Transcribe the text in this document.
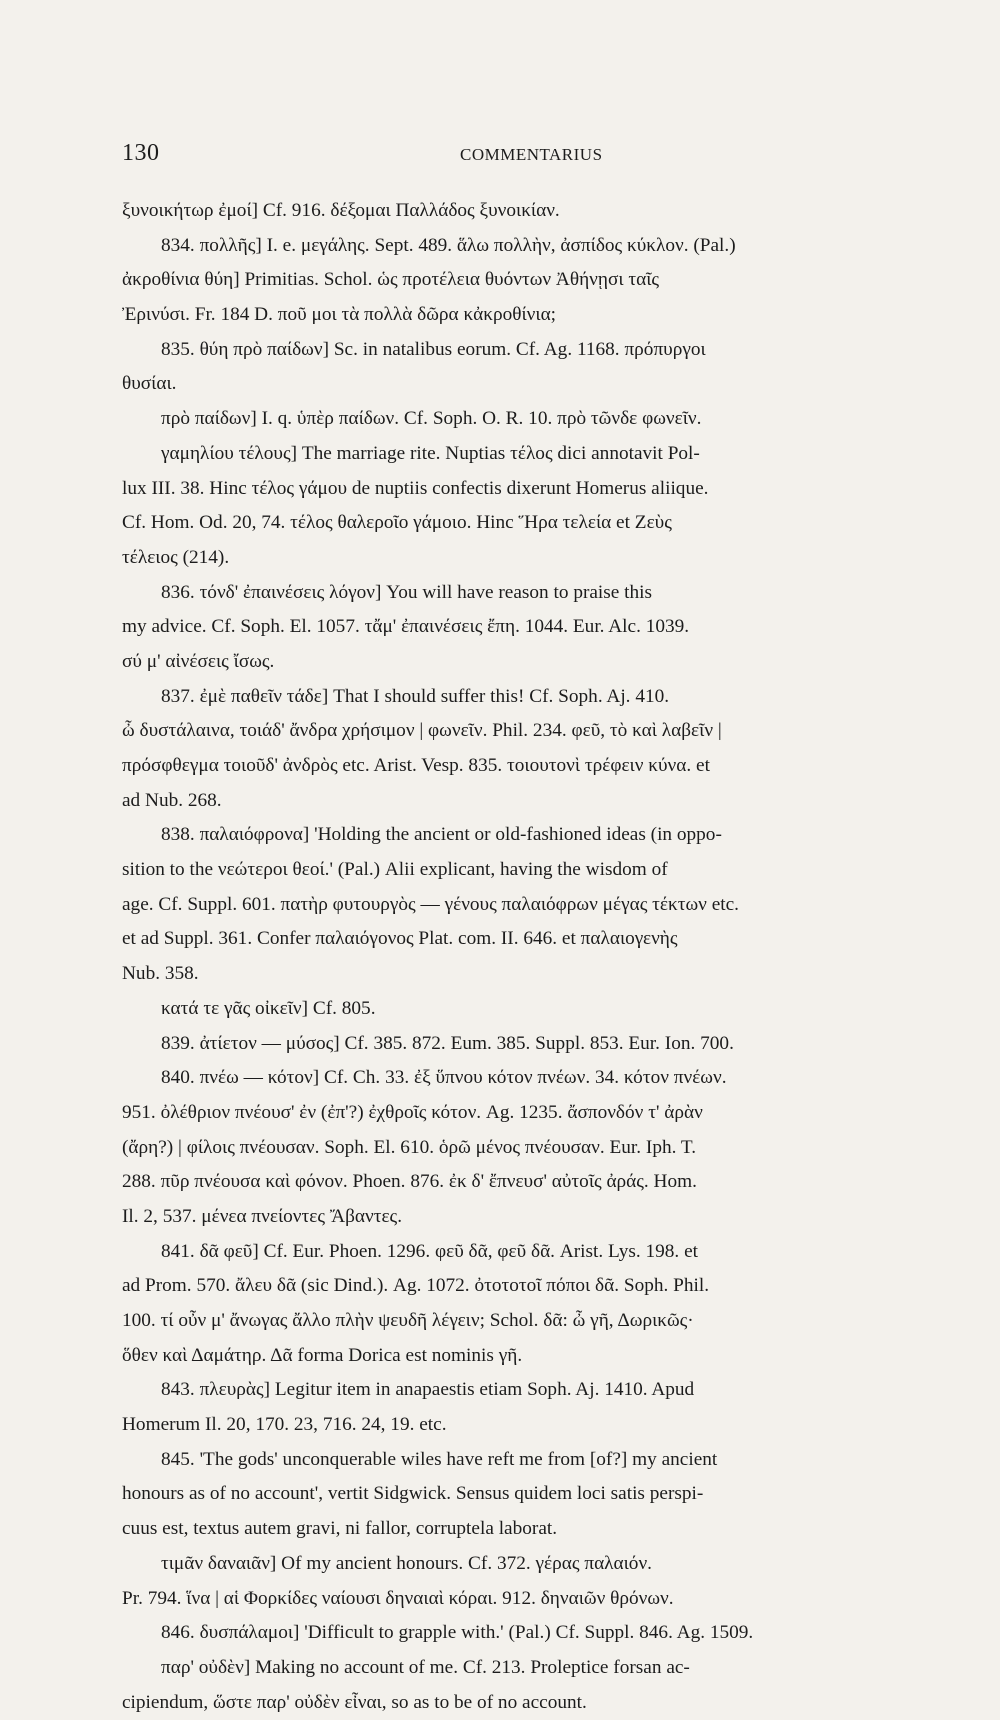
130	COMMENTARIUS
ξυνοικήτωρ ἐμοί] Cf. 916. δέξομαι Παλλάδος ξυνοικίαν.
834. πολλῆς] I. e. μεγάλης. Sept. 489. ἅλω πολλὴν, ἀσπίδος κύκλον. (Pal.)
ἀκροθίνια θύη] Primitias. Schol. ὡς προτέλεια θυόντων Ἀθήνῃσι ταῖς
Ἐρινύσι. Fr. 184 D. ποῦ μοι τὰ πολλὰ δῶρα κἀκροθίνια;
835. θύη πρὸ παίδων] Sc. in natalibus eorum. Cf. Ag. 1168. πρόπυργοι
θυσίαι.
πρὸ παίδων] I. q. ὑπὲρ παίδων. Cf. Soph. O. R. 10. πρὸ τῶνδε φωνεῖν.
γαμηλίου τέλους] The marriage rite. Nuptias τέλος dici annotavit Pol-
lux III. 38. Hinc τέλος γάμου de nuptiis confectis dixerunt Homerus aliique.
Cf. Hom. Od. 20, 74. τέλος θαλεροῖο γάμοιο. Hinc Ἥρα τελεία et Ζεὺς
τέλειος (214).
836. τόνδ' ἐπαινέσεις λόγον] You will have reason to praise this
my advice. Cf. Soph. El. 1057. τἄμ' ἐπαινέσεις ἔπη. 1044. Eur. Alc. 1039.
σύ μ' αἰνέσεις ἴσως.
837. ἐμὲ παθεῖν τάδε] That I should suffer this! Cf. Soph. Aj. 410.
ὦ δυστάλαινα, τοιάδ' ἄνδρα χρήσιμον | φωνεῖν. Phil. 234. φεῦ, τὸ καὶ λαβεῖν |
πρόσφθεγμα τοιοῦδ' ἀνδρὸς etc. Arist. Vesp. 835. τοιουτονὶ τρέφειν κύνα. et
ad Nub. 268.
838. παλαιόφρονα] 'Holding the ancient or old-fashioned ideas (in oppo-
sition to the νεώτεροι θεοί.' (Pal.) Alii explicant, having the wisdom of
age. Cf. Suppl. 601. πατὴρ φυτουργὸς — γένους παλαιόφρων μέγας τέκτων etc.
et ad Suppl. 361. Confer παλαιόγονος Plat. com. II. 646. et παλαιογενὴς
Nub. 358.
κατά τε γᾶς οἰκεῖν] Cf. 805.
839. ἀτίετον — μύσος] Cf. 385. 872. Eum. 385. Suppl. 853. Eur. Ion. 700.
840. πνέω — κότον] Cf. Ch. 33. ἐξ ὕπνου κότον πνέων. 34. κότον πνέων.
951. ὀλέθριον πνέουσ' ἐν (ἐπ'?) ἐχθροῖς κότον. Ag. 1235. ἄσπονδόν τ' ἀρὰν
(ἄρη?) | φίλοις πνέουσαν. Soph. El. 610. ὁρῶ μένος πνέουσαν. Eur. Iph. T.
288. πῦρ πνέουσα καὶ φόνον. Phoen. 876. ἐκ δ' ἔπνευσ' αὐτοῖς ἀράς. Hom.
Il. 2, 537. μένεα πνείοντες Ἄβαντες.
841. δᾶ φεῦ] Cf. Eur. Phoen. 1296. φεῦ δᾶ, φεῦ δᾶ. Arist. Lys. 198. et
ad Prom. 570. ἄλευ δᾶ (sic Dind.). Ag. 1072. ὀτοτοτοῖ πόποι δᾶ. Soph. Phil.
100. τί οὖν μ' ἄνωγας ἄλλο πλὴν ψευδῆ λέγειν; Schol. δᾶ: ὦ γῆ, Δωρικῶς·
ὅθεν καὶ Δαμάτηρ. Δᾶ forma Dorica est nominis γῆ.
843. πλευρὰς] Legitur item in anapaestis etiam Soph. Aj. 1410. Apud
Homerum Il. 20, 170. 23, 716. 24, 19. etc.
845. 'The gods' unconquerable wiles have reft me from [of?] my ancient
honours as of no account', vertit Sidgwick. Sensus quidem loci satis perspi-
cuus est, textus autem gravi, ni fallor, corruptela laborat.
τιμᾶν δαναιᾶν] Of my ancient honours. Cf. 372. γέρας παλαιόν.
Pr. 794. ἵνα | αἱ Φορκίδες ναίουσι δηναιαὶ κόραι. 912. δηναιῶν θρόνων.
846. δυσπάλαμοι] 'Difficult to grapple with.' (Pal.) Cf. Suppl. 846. Ag. 1509.
παρ' οὐδὲν] Making no account of me. Cf. 213. Proleptice forsan ac-
cipiendum, ὥστε παρ' οὐδὲν εἶναι, so as to be of no account.
